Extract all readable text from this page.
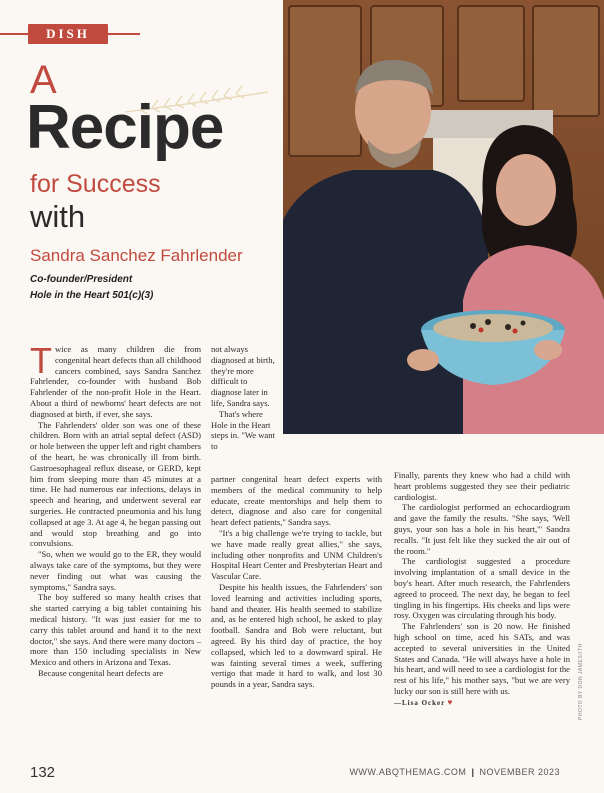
DISH
A
Recipe
for Success
with
Sandra Sanchez Fahrlender
Co-founder/President
Hole in the Heart 501(c)(3)
PHOTO BY DON JAMES/ITH
T wice as many children die from congenital heart defects than all childhood cancers combined, says Sandra Sanchez Fahrlender, co-founder with husband Bob Fahrlender of the non-profit Hole in the Heart. About a third of newborns' heart defects are not diagnosed at birth, if ever, she says.

The Fahrlenders' older son was one of these children. Born with an atrial septal defect (ASD) or hole between the upper left and right chambers of the heart, he was chronically ill from birth. Gastroesophageal reflux disease, or GERD, kept him from sleeping more than 45 minutes at a time. He had numerous ear infections, delays in speech and hearing, and underwent several ear surgeries. He contracted pneumonia and his lung collapsed at age 3. At age 4, he began passing out and would stop breathing and go into convulsions.

"So, when we would go to the ER, they would always take care of the symptoms, but they were never finding out what was causing the symptoms," Sandra says.

The boy suffered so many health crises that she started carrying a big tablet containing his medical history. "It was just easier for me to carry this tablet around and hand it to the next doctor," she says. And there were many doctors – more than 150 including specialists in New Mexico and others in Arizona and Texas.

Because congenital heart defects are

not always diagnosed at birth, they're more difficult to diagnose later in life, Sandra says.

That's where Hole in the Heart steps in. "We want to

partner congenital heart defect experts with members of the medical community to help educate, create mentorships and help them to detect, diagnose and also care for congenital heart defect patients," Sandra says.

"It's a big challenge we're trying to tackle, but we have made really great allies," she says, including other nonprofits and UNM Children's Hospital Heart Center and Presbyterian Heart and Vascular Care.

Despite his health issues, the Fahrlenders' son loved learning and activities including sports, band and theater. His health seemed to stabilize and, as he entered high school, he asked to play football. Sandra and Bob were reluctant, but agreed. By his third day of practice, the boy collapsed, which led to a downward spiral. He was fainting several times a week, suffering vertigo that made it hard to walk, and lost 30 pounds in a year, Sandra says.

Finally, parents they knew who had a child with heart problems suggested they see their pediatric cardiologist.

The cardiologist performed an echocardiogram and gave the family the results. "She says, 'Well guys, your son has a hole in his heart,'" Sandra recalls. "It just felt like they sucked the air out of the room."

The cardiologist suggested a procedure involving implantation of a small device in the boy's heart. After much research, the Fahrlenders agreed to proceed. The next day, he began to feel tingling in his fingertips. His cheeks and lips were rosy. Oxygen was circulating through his body.

The Fahrlenders' son is 20 now. He finished high school on time, aced his SATs, and was accepted to several universities in the United States and Canada. "He will always have a hole in his heart, and will need to see a cardiologist for the rest of his life," his mother says, "but we are very lucky our son is still here with us.

—Lisa Ocker ♥

132	WWW.ABQTHEMAG.COM | NOVEMBER 2023
